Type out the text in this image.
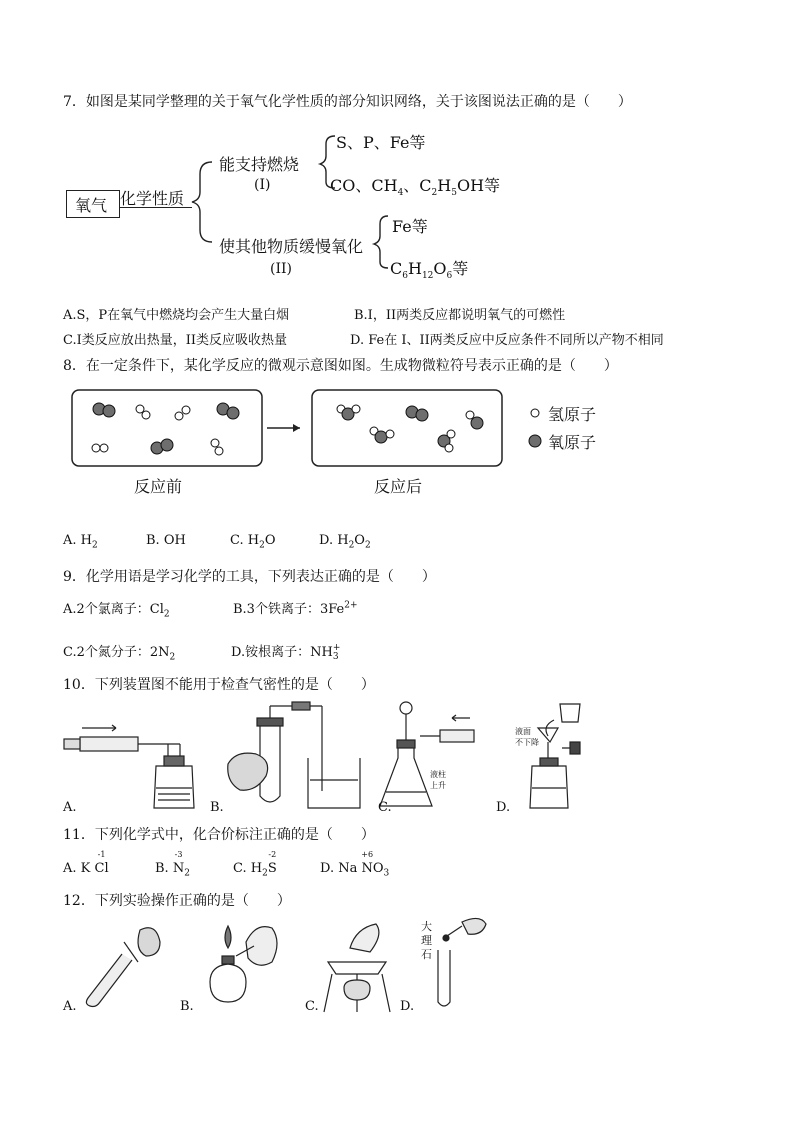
7．如图是某同学整理的关于氧气化学性质的部分知识网络，关于该图说法正确的是（　　）
氧气 化学性质
能支持燃烧
(I)
S、P、Fe等
CO、$CH_4$、$C_2H_5OH$等
使其他物质缓慢氧化
(II)
Fe等
$C_6H_{12}O_6$等
A.S，P在氧气中燃烧均会产生大量白烟	B.I，II两类反应都说明氧气的可燃性
C.I类反应放出热量，II类反应吸收热量	D. Fe在 I、II两类反应中反应条件不同所以产物不相同
8．在一定条件下，某化学反应的微观示意图如图。生成物微粒符号表示正确的是（　　）
氢原子
氧原子
反应前	反应后
A. $H_2$	B. OH	C. $H_2O$	D. $H_2O_2$
9．化学用语是学习化学的工具，下列表达正确的是（　　）
A.2个氯离子：$Cl_2$	B.3个铁离子：$3Fe^{2+}$
C.2个氮分子：$2N_2$	D.铵根离子：NH +
3
10．下列装置图不能用于检查气密性的是（　　）
液柱
上升
液面
不下降
A.	B.	C.	D.
11．下列化学式中，化合价标注正确的是（　　）
A. K
-1
Cl	B.
-3
$N_2$	C. $H_2$
-2
S	D. Na
+6
$NO_3$
12．下列实验操作正确的是（　　）
大理石
A.	B.	C.	D.
